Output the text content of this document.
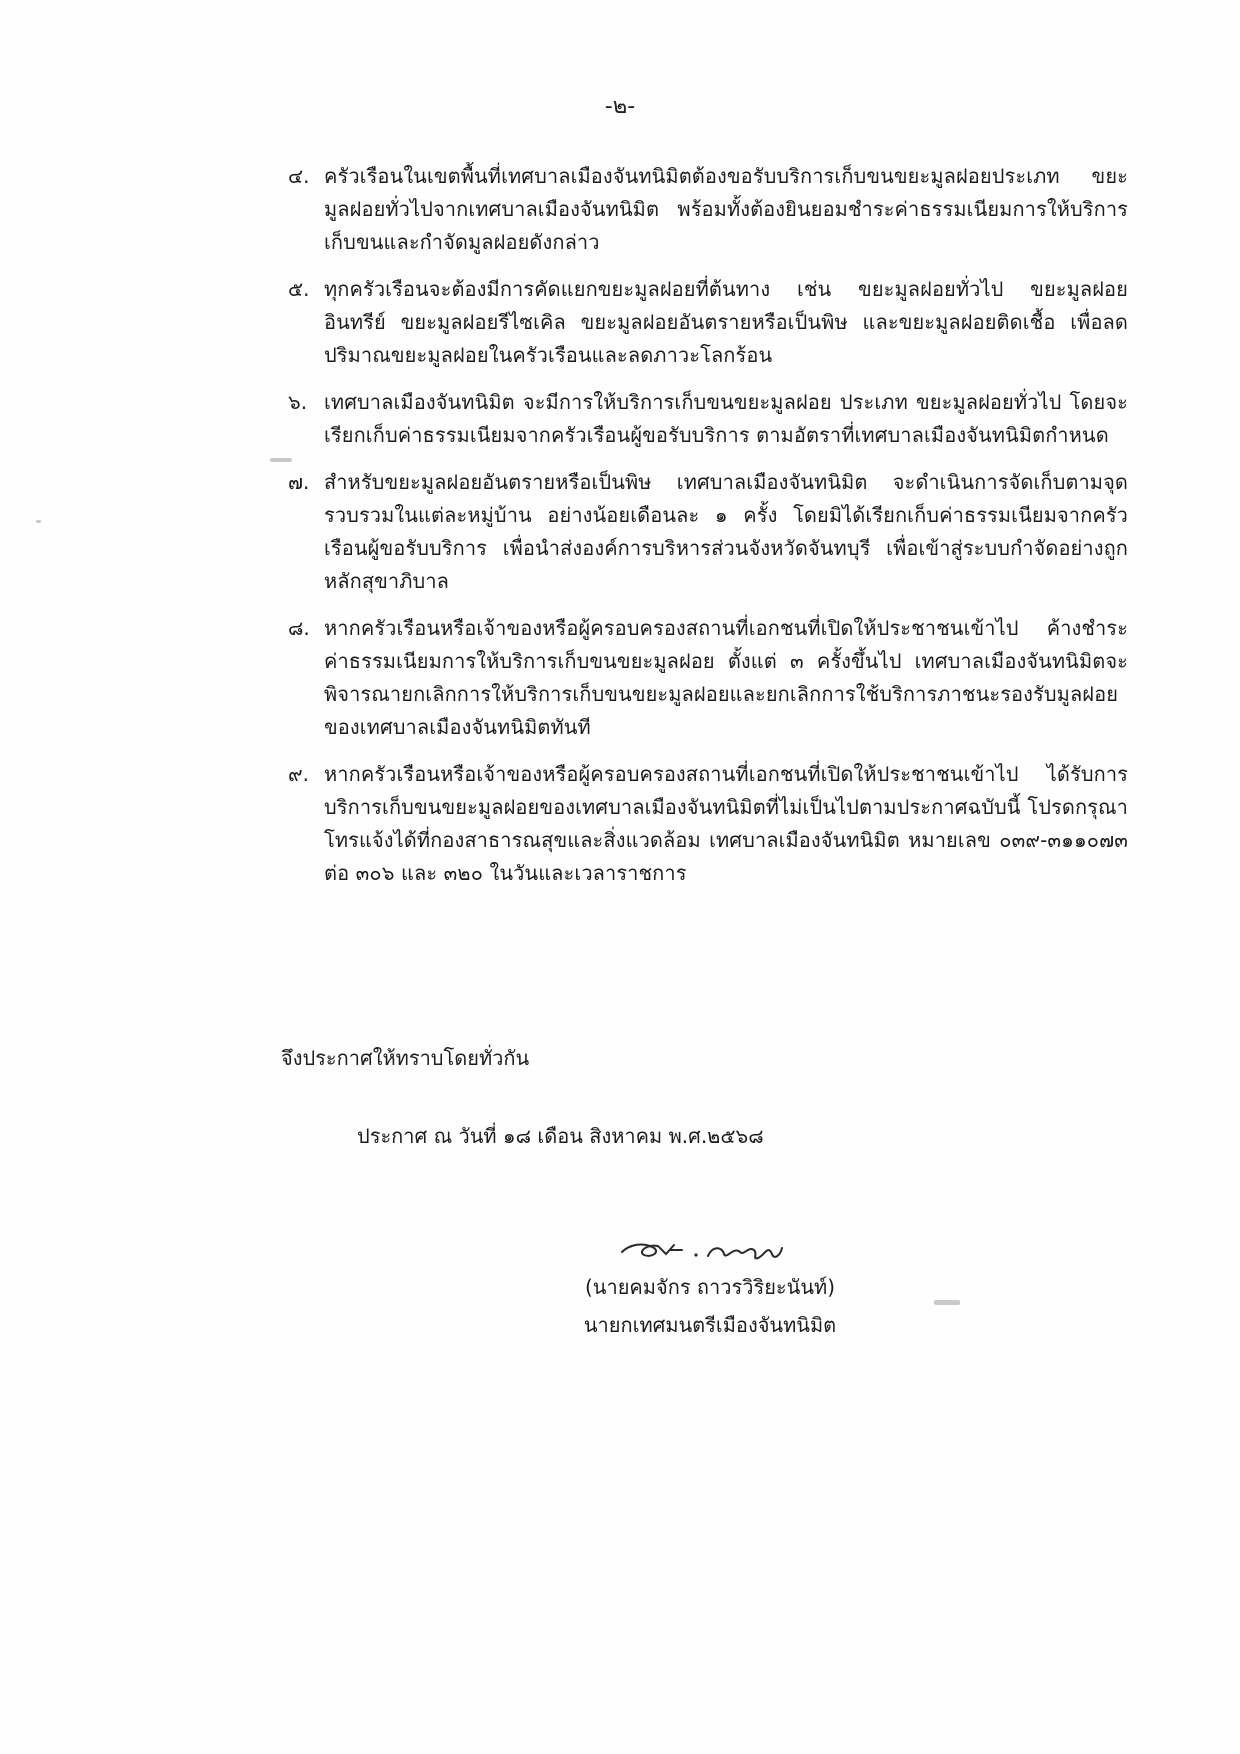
-๒-
๔. ครัวเรือนในเขตพื้นที่เทศบาลเมืองจันทนิมิตต้องขอรับบริการเก็บขนขยะมูลฝอยประเภท ขยะมูลฝอยทั่วไปจากเทศบาลเมืองจันทนิมิต พร้อมทั้งต้องยินยอมชำระค่าธรรมเนียมการให้บริการเก็บขนและกำจัดมูลฝอยดังกล่าว
๕. ทุกครัวเรือนจะต้องมีการคัดแยกขยะมูลฝอยที่ต้นทาง เช่น ขยะมูลฝอยทั่วไป ขยะมูลฝอยอินทรีย์ ขยะมูลฝอยรีไซเคิล ขยะมูลฝอยอันตรายหรือเป็นพิษ และขยะมูลฝอยติดเชื้อ เพื่อลดปริมาณขยะมูลฝอยในครัวเรือนและลดภาวะโลกร้อน
๖. เทศบาลเมืองจันทนิมิต จะมีการให้บริการเก็บขนขยะมูลฝอย ประเภท ขยะมูลฝอยทั่วไป โดยจะเรียกเก็บค่าธรรมเนียมจากครัวเรือนผู้ขอรับบริการ ตามอัตราที่เทศบาลเมืองจันทนิมิตกำหนด
๗. สำหรับขยะมูลฝอยอันตรายหรือเป็นพิษ เทศบาลเมืองจันทนิมิต จะดำเนินการจัดเก็บตามจุดรวบรวมในแต่ละหมู่บ้าน อย่างน้อยเดือนละ ๑ ครั้ง โดยมิได้เรียกเก็บค่าธรรมเนียมจากครัวเรือนผู้ขอรับบริการ เพื่อนำส่งองค์การบริหารส่วนจังหวัดจันทบุรี เพื่อเข้าสู่ระบบกำจัดอย่างถูกหลักสุขาภิบาล
๘. หากครัวเรือนหรือเจ้าของหรือผู้ครอบครองสถานที่เอกชนที่เปิดให้ประชาชนเข้าไป ค้างชำระค่าธรรมเนียมการให้บริการเก็บขนขยะมูลฝอย ตั้งแต่ ๓ ครั้งขึ้นไป เทศบาลเมืองจันทนิมิตจะพิจารณายกเลิกการให้บริการเก็บขนขยะมูลฝอยและยกเลิกการใช้บริการภาชนะรองรับมูลฝอยของเทศบาลเมืองจันทนิมิตทันที
๙. หากครัวเรือนหรือเจ้าของหรือผู้ครอบครองสถานที่เอกชนที่เปิดให้ประชาชนเข้าไป ได้รับการบริการเก็บขนขยะมูลฝอยของเทศบาลเมืองจันทนิมิตที่ไม่เป็นไปตามประกาศฉบับนี้ โปรดกรุณาโทรแจ้งได้ที่กองสาธารณสุขและสิ่งแวดล้อม เทศบาลเมืองจันทนิมิต หมายเลข ๐๓๙-๓๑๑๐๗๓ ต่อ ๓๐๖ และ ๓๒๐ ในวันและเวลาราชการ
จึงประกาศให้ทราบโดยทั่วกัน
ประกาศ ณ วันที่ ๑๘ เดือน สิงหาคม พ.ศ.๒๕๖๘
(นายคมจักร ถาวรวิริยะนันท์)
นายกเทศมนตรีเมืองจันทนิมิต
